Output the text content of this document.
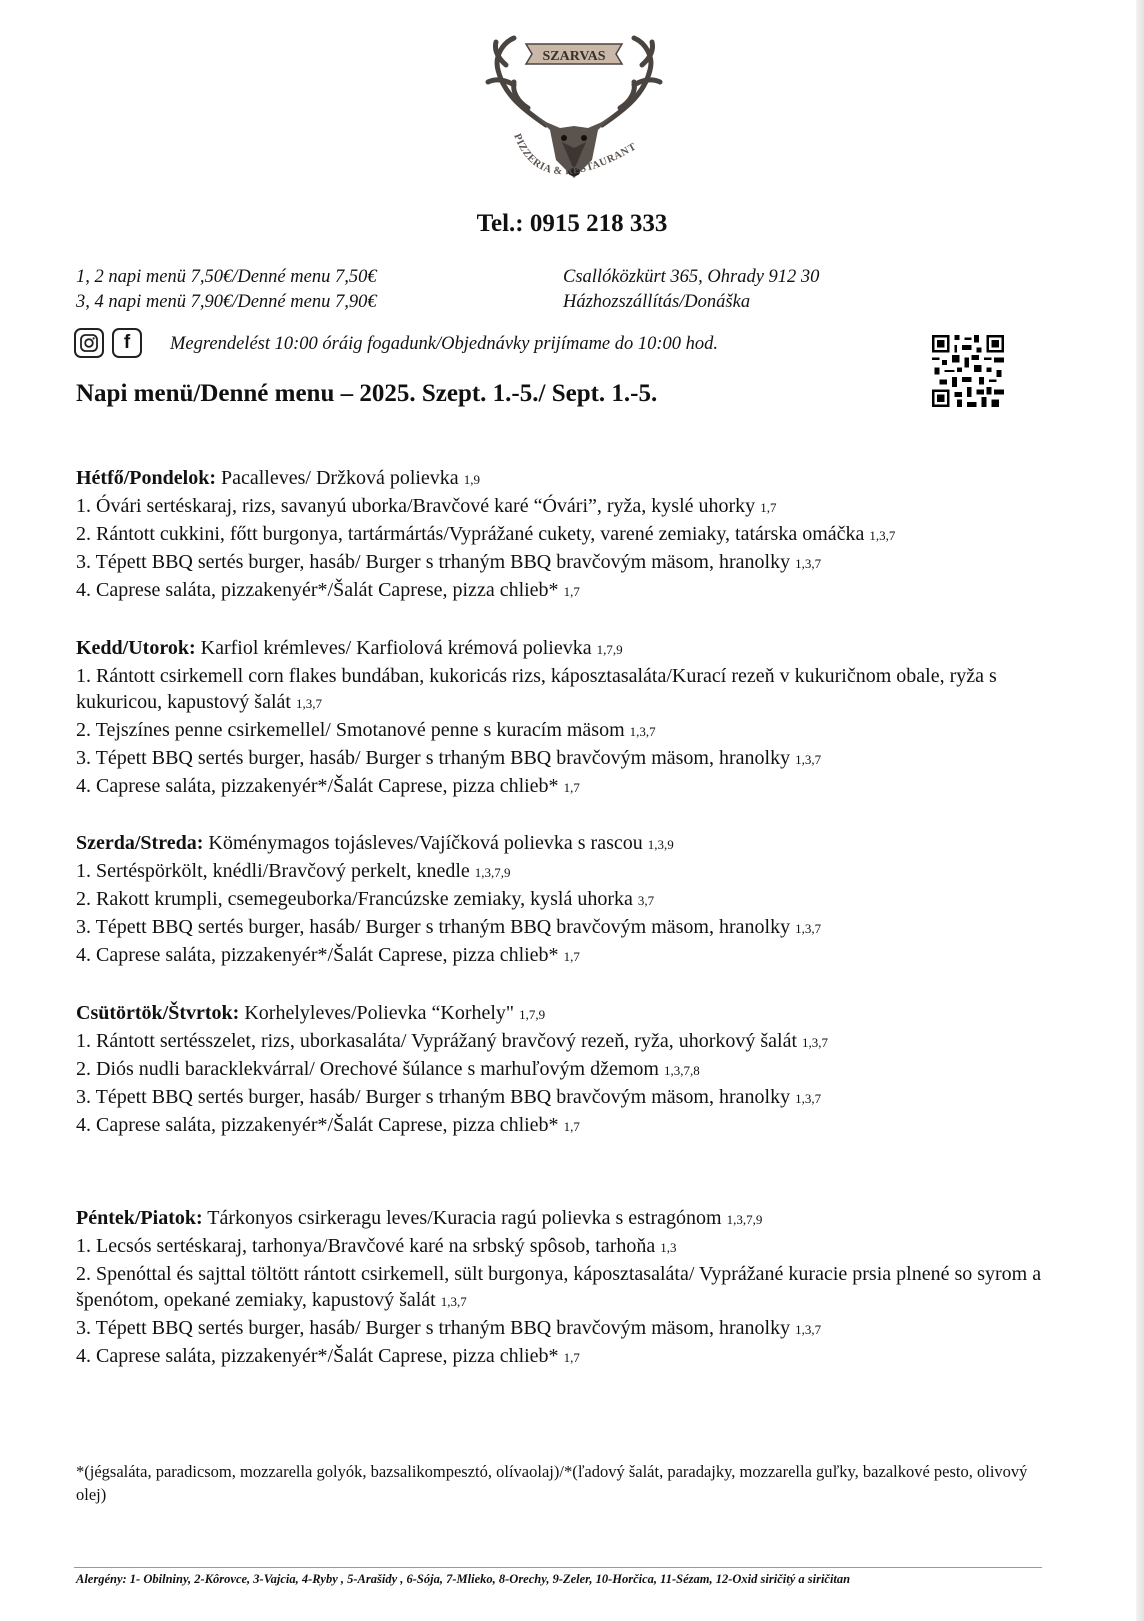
SZARVAS
PIZZERIA & RESTAURANT
Tel.: 0915 218 333
1, 2 napi menü 7,50€/Denné menu 7,50€
3, 4 napi menü 7,90€/Denné menu 7,90€
Csallóközkürt 365, Ohrady 912 30
Házhozszállítás/Donáška
f Megrendelést 10:00 óráig fogadunk/Objednávky prijímame do 10:00 hod.
Napi menü/Denné menu – 2025. Szept. 1.-5./ Sept. 1.-5.
Hétfő/Pondelok: Pacalleves/ Držková polievka 1,9
1. Óvári sertéskaraj, rizs, savanyú uborka/Bravčové karé “Óvári”, ryža, kyslé uhorky 1,7
2. Rántott cukkini, főtt burgonya, tartármártás/Vyprážané cukety, varené zemiaky, tatárska omáčka 1,3,7
3. Tépett BBQ sertés burger, hasáb/ Burger s trhaným BBQ bravčovým mäsom, hranolky 1,3,7
4. Caprese saláta, pizzakenyér*/Šalát Caprese, pizza chlieb* 1,7
Kedd/Utorok: Karfiol krémleves/ Karfiolová krémová polievka 1,7,9
1. Rántott csirkemell corn flakes bundában, kukoricás rizs, káposztasaláta/Kurací rezeň v kukuričnom obale, ryža s kukuricou, kapustový šalát 1,3,7
2. Tejszínes penne csirkemellel/ Smotanové penne s kuracím mäsom 1,3,7
3. Tépett BBQ sertés burger, hasáb/ Burger s trhaným BBQ bravčovým mäsom, hranolky 1,3,7
4. Caprese saláta, pizzakenyér*/Šalát Caprese, pizza chlieb* 1,7
Szerda/Streda: Köménymagos tojásleves/Vajíčková polievka s rascou 1,3,9
1. Sertéspörkölt, knédli/Bravčový perkelt, knedle 1,3,7,9
2. Rakott krumpli, csemegeuborka/Francúzske zemiaky, kyslá uhorka 3,7
3. Tépett BBQ sertés burger, hasáb/ Burger s trhaným BBQ bravčovým mäsom, hranolky 1,3,7
4. Caprese saláta, pizzakenyér*/Šalát Caprese, pizza chlieb* 1,7
Csütörtök/Štvrtok: Korhelyleves/Polievka “Korhely" 1,7,9
1. Rántott sertésszelet, rizs, uborkasaláta/ Vyprážaný bravčový rezeň, ryža, uhorkový šalát 1,3,7
2. Diós nudli baracklekvárral/ Orechové šúlance s marhuľovým džemom 1,3,7,8
3. Tépett BBQ sertés burger, hasáb/ Burger s trhaným BBQ bravčovým mäsom, hranolky 1,3,7
4. Caprese saláta, pizzakenyér*/Šalát Caprese, pizza chlieb* 1,7
Péntek/Piatok: Tárkonyos csirkeragu leves/Kuracia ragú polievka s estragónom 1,3,7,9
1. Lecsós sertéskaraj, tarhonya/Bravčové karé na srbský spôsob, tarhoňa 1,3
2. Spenóttal és sajttal töltött rántott csirkemell, sült burgonya, káposztasaláta/ Vyprážané kuracie prsia plnené so syrom a špenótom, opekané zemiaky, kapustový šalát 1,3,7
3. Tépett BBQ sertés burger, hasáb/ Burger s trhaným BBQ bravčovým mäsom, hranolky 1,3,7
4. Caprese saláta, pizzakenyér*/Šalát Caprese, pizza chlieb* 1,7
*(jégsaláta, paradicsom, mozzarella golyók, bazsalikompesztó, olívaolaj)/*(ľadový šalát, paradajky, mozzarella guľky, bazalkové pesto, olivový olej)
Alergény: 1- Obilniny, 2-Kôrovce, 3-Vajcia, 4-Ryby , 5-Arašidy , 6-Sója, 7-Mlieko, 8-Orechy, 9-Zeler, 10-Horčica, 11-Sézam, 12-Oxid siričitý a siričitan
